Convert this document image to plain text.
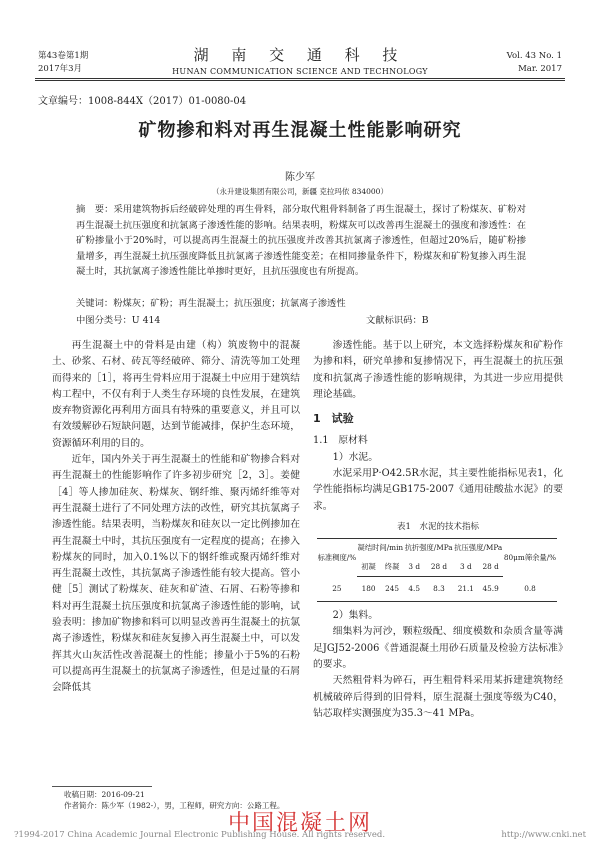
第43卷第1期
2017年3月
湖 南 交 通 科 技
HUNAN COMMUNICATION SCIENCE AND TECHNOLOGY
Vol. 43 No. 1
Mar. 2017
文章编号：1008-844X（2017）01-0080-04
矿物掺和料对再生混凝土性能影响研究
陈少军
（永升建设集团有限公司，新疆 克拉玛依 834000）
摘　要：采用建筑物拆后经破碎处理的再生骨料，部分取代粗骨料制备了再生混凝土，探讨了粉煤灰、矿粉对再生混凝土抗压强度和抗氯离子渗透性能的影响。结果表明，粉煤灰可以改善再生混凝土的强度和渗透性：在矿粉掺量小于20%时，可以提高再生混凝土的抗压强度并改善其抗氯离子渗透性，但超过20%后，随矿粉掺量增多，再生混凝土抗压强度降低且抗氯离子渗透性能变差；在相同掺量条件下，粉煤灰和矿粉复掺入再生混凝土时，其抗氯离子渗透性能比单掺时更好，且抗压强度也有所提高。
关键词：粉煤灰；矿粉；再生混凝土；抗压强度；抗氯离子渗透性
中图分类号：U 414	文献标识码：B

再生混凝土中的骨料是由建（构）筑废物中的混凝土、砂浆、石材、砖瓦等经破碎、筛分、清洗等加工处理而得来的［1］，将再生骨料应用于混凝土中应用于建筑结构工程中，不仅有利于人类生存环境的良性发展，在建筑废弃物资源化再利用方面具有特殊的重要意义，并且可以有效缓解砂石短缺问题，达到节能减排，保护生态环境，资源循环利用的目的。

近年，国内外关于再生混凝土的性能和矿物掺合料对再生混凝土的性能影响作了许多初步研究［2，3］。姜健［4］等人掺加硅灰、粉煤灰、钢纤维、聚丙烯纤维等对再生混凝土进行了不同处理方法的改性，研究其抗氯离子渗透性能。结果表明，当粉煤灰和硅灰以一定比例掺加在再生混凝土中时，其抗压强度有一定程度的提高；在掺入粉煤灰的同时，加入0.1%以下的钢纤维或聚丙烯纤维对再生混凝土改性，其抗氯离子渗透性能有较大提高。管小健［5］测试了粉煤灰、硅灰和矿渣、石屑、石粉等掺和料对再生混凝土抗压强度和抗氯离子渗透性能的影响，试验表明：掺加矿物掺和料可以明显改善再生混凝土的抗氯离子渗透性，粉煤灰和硅灰复掺入再生混凝土中，可以发挥其火山灰活性改善混凝土的性能；掺量小于5%的石粉可以提高再生混凝土的抗氯离子渗透性，但是过量的石屑会降低其

渗透性能。基于以上研究，本文选择粉煤灰和矿粉作为掺和料，研究单掺和复掺情况下，再生混凝土的抗压强度和抗氯离子渗透性能的影响规律，为其进一步应用提供理论基础。

1　试验
1.1　原材料

1）水泥。

水泥采用P·O42.5R水泥，其主要性能指标见表1，化学性能指标均满足GB175-2007《通用硅酸盐水泥》的要求。

表1　水泥的技术指标
标准稠度/%	凝结时间/min		抗折强度/MPa		抗压强度/MPa		80μm筛余量/%
	初凝	终凝	3 d	28 d	3 d	28 d	
25	180	245	4.5	8.3	21.1	45.9	0.8

2）集料。

细集料为河沙，颗粒级配、细度模数和杂质含量等满足JGJ52-2006《普通混凝土用砂石质量及检验方法标准》的要求。

天然粗骨料为碎石，再生粗骨料采用某拆建建筑物经机械破碎后得到的旧骨料，原生混凝土强度等级为C40，钻芯取样实测强度为35.3～41 MPa。

收稿日期：2016-09-21
作者简介：陈少军（1982-），男，工程师，研究方向：公路工程。
中国混凝土网
?1994-2017 China Academic Journal Electronic Publishing House. All rights reserved.	http://www.cnki.net
